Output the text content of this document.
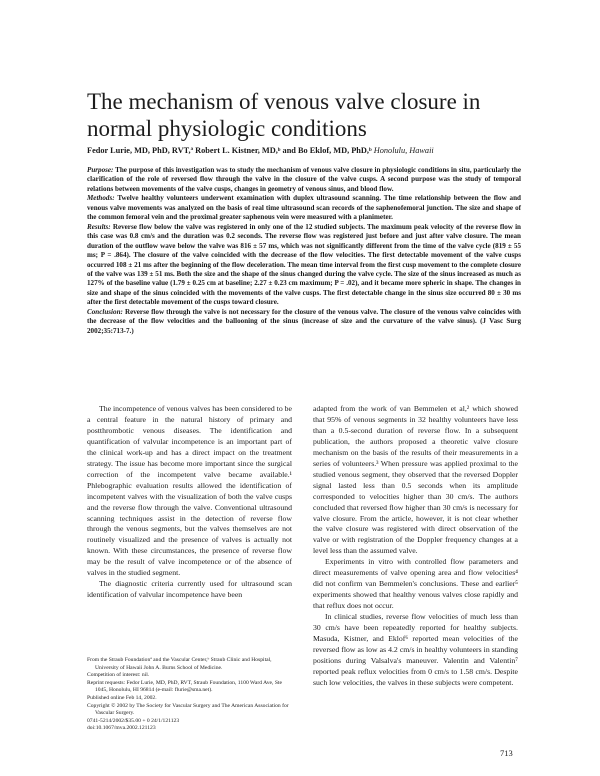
The mechanism of venous valve closure in normal physiologic conditions
Fedor Lurie, MD, PhD, RVT,ª Robert L. Kistner, MD,ᵇ and Bo Eklof, MD, PhD,ᵇ Honolulu, Hawaii

Purpose: The purpose of this investigation was to study the mechanism of venous valve closure in physiologic conditions in situ, particularly the clarification of the role of reversed flow through the valve in the closure of the valve cusps. A second purpose was the study of temporal relations between movements of the valve cusps, changes in geometry of venous sinus, and blood flow.

Methods: Twelve healthy volunteers underwent examination with duplex ultrasound scanning. The time relationship between the flow and venous valve movements was analyzed on the basis of real time ultrasound scan records of the saphenofemoral junction. The size and shape of the common femoral vein and the proximal greater saphenous vein were measured with a planimeter.

Results: Reverse flow below the valve was registered in only one of the 12 studied subjects. The maximum peak velocity of the reverse flow in this case was 0.8 cm/s and the duration was 0.2 seconds. The reverse flow was registered just before and just after valve closure. The mean duration of the outflow wave below the valve was 816 ± 57 ms, which was not significantly different from the time of the valve cycle (819 ± 55 ms; P = .864). The closure of the valve coincided with the decrease of the flow velocities. The first detectable movement of the valve cusps occurred 108 ± 21 ms after the beginning of the flow deceleration. The mean time interval from the first cusp movement to the complete closure of the valve was 139 ± 51 ms. Both the size and the shape of the sinus changed during the valve cycle. The size of the sinus increased as much as 127% of the baseline value (1.79 ± 0.25 cm at baseline; 2.27 ± 0.23 cm maximum; P = .02), and it became more spheric in shape. The changes in size and shape of the sinus coincided with the movements of the valve cusps. The first detectable change in the sinus size occurred 80 ± 30 ms after the first detectable movement of the cusps toward closure.

Conclusion: Reverse flow through the valve is not necessary for the closure of the venous valve. The closure of the venous valve coincides with the decrease of the flow velocities and the ballooning of the sinus (increase of size and the curvature of the valve sinus). (J Vasc Surg 2002;35:713-7.)

The incompetence of venous valves has been considered to be a central feature in the natural history of primary and postthrombotic venous diseases. The identification and quantification of valvular incompetence is an important part of the clinical work-up and has a direct impact on the treatment strategy. The issue has become more important since the surgical correction of the incompetent valve became available.¹ Phlebographic evaluation results allowed the identification of incompetent valves with the visualization of both the valve cusps and the reverse flow through the valve. Conventional ultrasound scanning techniques assist in the detection of reverse flow through the venous segments, but the valves themselves are not routinely visualized and the presence of valves is actually not known. With these circumstances, the presence of reverse flow may be the result of valve incompetence or of the absence of valves in the studied segment.

The diagnostic criteria currently used for ultrasound scan identification of valvular incompetence have been

adapted from the work of van Bemmelen et al,² which showed that 95% of venous segments in 32 healthy volunteers have less than a 0.5-second duration of reverse flow. In a subsequent publication, the authors proposed a theoretic valve closure mechanism on the basis of the results of their measurements in a series of volunteers.³ When pressure was applied proximal to the studied venous segment, they observed that the reversed Doppler signal lasted less than 0.5 seconds when its amplitude corresponded to velocities higher than 30 cm/s. The authors concluded that reversed flow higher than 30 cm/s is necessary for valve closure. From the article, however, it is not clear whether the valve closure was registered with direct observation of the valve or with registration of the Doppler frequency changes at a level less than the assumed valve.

Experiments in vitro with controlled flow parameters and direct measurements of valve opening area and flow velocities⁴ did not confirm van Bemmelen's conclusions. These and earlier⁵ experiments showed that healthy venous valves close rapidly and that reflux does not occur.

In clinical studies, reverse flow velocities of much less than 30 cm/s have been repeatedly reported for healthy subjects. Masuda, Kistner, and Eklof⁶ reported mean velocities of the reversed flow as low as 4.2 cm/s in healthy volunteers in standing positions during Valsalva's maneuver. Valentin and Valentin⁷ reported peak reflux velocities from 0 cm/s to 1.58 cm/s. Despite such low velocities, the valves in these subjects were competent.

From the Straub Foundationª and the Vascular Center,ᵇ Straub Clinic and Hospital, University of Hawaii John A. Burns School of Medicine.
Competition of interest: nil.
Reprint requests: Fedor Lurie, MD, PhD, RVT, Straub Foundation, 1100 Ward Ave, Ste 1045, Honolulu, HI 96814 (e-mail: flurie@sma.net).
Published online Feb 14, 2002.
Copyright © 2002 by The Society for Vascular Surgery and The American Association for Vascular Surgery.
0741-5214/2002/$35.00 + 0 24/1/121123
doi:10.1067/mva.2002.121123
713
